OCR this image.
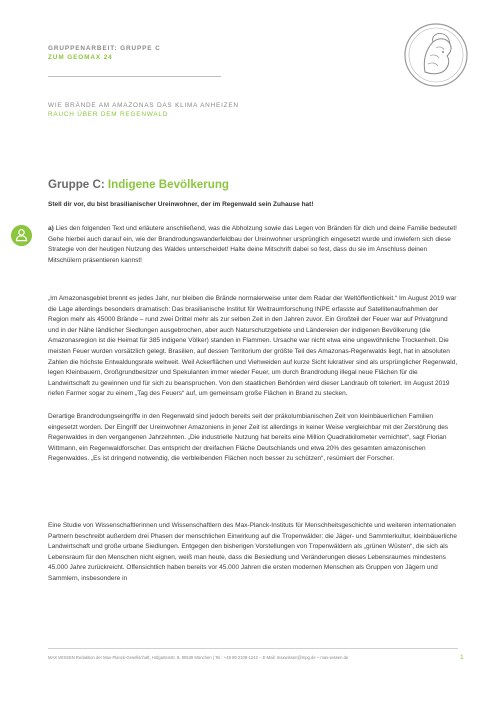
GRUPPENARBEIT: GRUPPE C
ZUM GEOMAX 24
WIE BRÄNDE AM AMAZONAS DAS KLIMA ANHEIZEN
RAUCH ÜBER DEM REGENWALD
Gruppe C: Indigene Bevölkerung
Stell dir vor, du bist brasilianischer Ureinwohner, der im Regenwald sein Zuhause hat!

a) Lies den folgenden Text und erläutere anschließend, was die Abholzung sowie das Legen von Bränden für dich und deine Familie bedeutet! Gehe hierbei auch darauf ein, wie der Brandrodungswanderfeldbau der Ureinwohner ursprünglich eingesetzt wurde und inwiefern sich diese Strategie von der heutigen Nutzung des Waldes unterscheidet! Halte deine Mitschrift dabei so fest, dass du sie im Anschluss deinen Mitschülern präsentieren kannst!

„Im Amazonasgebiet brennt es jedes Jahr, nur bleiben die Brände normalerweise unter dem Radar der Weltöffentlichkeit.“ Im August 2019 war die Lage allerdings besonders dramatisch: Das brasilianische Institut für Weltraumforschung INPE erfasste auf Satellitenaufnahmen der Region mehr als 45000 Brände – rund zwei Drittel mehr als zur selben Zeit in den Jahren zuvor. Ein Großteil der Feuer war auf Privatgrund und in der Nähe ländlicher Siedlungen ausgebrochen, aber auch Naturschutzgebiete und Ländereien der indigenen Bevölkerung (die Amazonasregion ist die Heimat für 385 indigene Völker) standen in Flammen. Ursache war nicht etwa eine ungewöhnliche Trockenheit. Die meisten Feuer wurden vorsätzlich gelegt. Brasilien, auf dessen Territorium der größte Teil des Amazonas-Regenwalds liegt, hat in absoluten Zahlen die höchste Entwaldungsrate weltweit. Weil Ackerflächen und Viehweiden auf kurze Sicht lukrativer sind als ursprünglicher Regenwald, legen Kleinbauern, Großgrundbesitzer und Spekulanten immer wieder Feuer, um durch Brandrodung illegal neue Flächen für die Landwirtschaft zu gewinnen und für sich zu beanspruchen. Von den staatlichen Behörden wird dieser Landraub oft toleriert. Im August 2019 riefen Farmer sogar zu einem „Tag des Feuers“ auf, um gemeinsam große Flächen in Brand zu stecken.

Derartige Brandrodungseingriffe in den Regenwald sind jedoch bereits seit der präkolumbianischen Zeit von kleinbäuerlichen Familien eingesetzt worden. Der Eingriff der Ureinwohner Amazoniens in jener Zeit ist allerdings in keiner Weise vergleichbar mit der Zerstörung des Regenwaldes in den vergangenen Jahrzehnten. „Die industrielle Nutzung hat bereits eine Million Quadratkilometer vernichtet“, sagt Florian Wittmann, ein Regenwaldforscher. Das entspricht der dreifachen Fläche Deutschlands und etwa 20% des gesamten amazonischen Regenwaldes. „Es ist dringend notwendig, die verbleibenden Flächen noch besser zu schützen“, resümiert der Forscher.

Eine Studie von Wissenschaftlerinnen und Wissenschaftlern des Max-Planck-Instituts für Menschheitsgeschichte und weiteren internationalen Partnern beschreibt außerdem drei Phasen der menschlichen Einwirkung auf die Tropenwälder: die Jäger- und Sammlerkultur, kleinbäuerliche Landwirtschaft und große urbane Siedlungen. Entgegen den bisherigen Vorstellungen von Tropenwäldern als „grünen Wüsten“, die sich als Lebensraum für den Menschen nicht eignen, weiß man heute, dass die Besiedlung und Veränderungen dieses Lebensraumes mindestens 45.000 Jahre zurückreicht. Offensichtlich haben bereits vor 45.000 Jahren die ersten modernen Menschen als Gruppen von Jägern und Sammlern, insbesondere in

MAX WISSEN Redaktion der Max-Planck-Gesellschaft, Hofgartenstr. 8, 80539 München | Tel.: +49 89 2108-1242 – E-Mail: maxwissen@mpg.de – max-wissen.de	1
